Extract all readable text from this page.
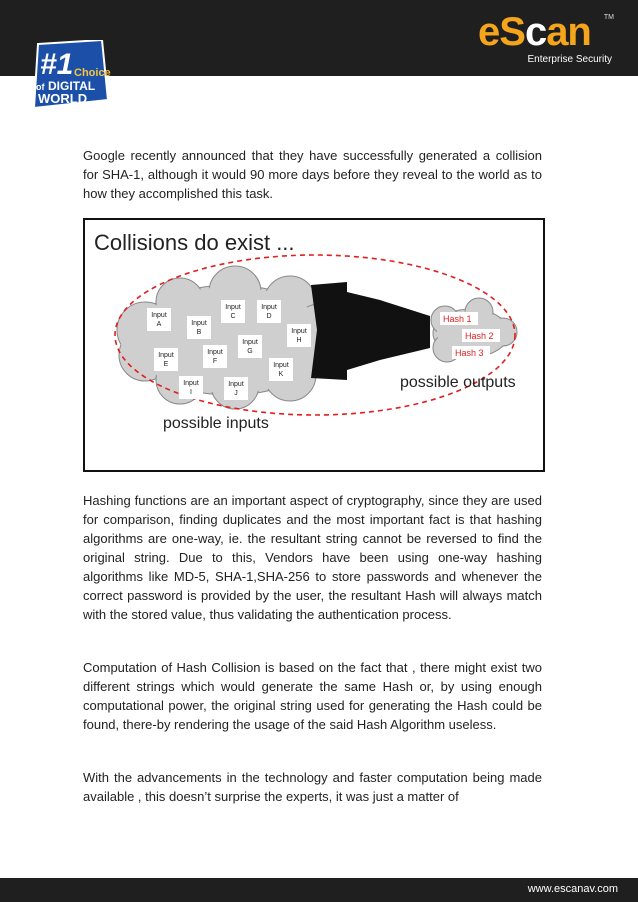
#1 Choice
of DIGITAL
WORLD
eScan TM
Enterprise Security

Google recently announced that they have successfully generated a collision for SHA-1, although it would 90 more days before they reveal to the world as to how they accomplished this task.

Collisions do exist ...
Input
A	Input
B
Input
C
Input
D
Input
E
Input
F
Input
G
Input
H
Input
I
Input
J
Input
K
Hash 1
Hash 2
Hash 3
possible inputs
possible outputs

Hashing functions are an important aspect of cryptography, since they are used for comparison, finding duplicates and the most important fact is that hashing algorithms are one-way, ie. the resultant string cannot be reversed to find the original string. Due to this, Vendors have been using one-way hashing algorithms like MD-5, SHA-1,SHA-256 to store passwords and whenever the correct password is provided by the user, the resultant Hash will always match with the stored value, thus validating the authentication process.

Computation of Hash Collision is based on the fact that , there might exist two different strings which would generate the same Hash or, by using enough computational power, the original string used for generating the Hash could be found, there-by rendering the usage of the said Hash Algorithm useless.

With the advancements in the technology and faster computation being made available , this doesn’t surprise the experts, it was just a matter of

www.escanav.com
